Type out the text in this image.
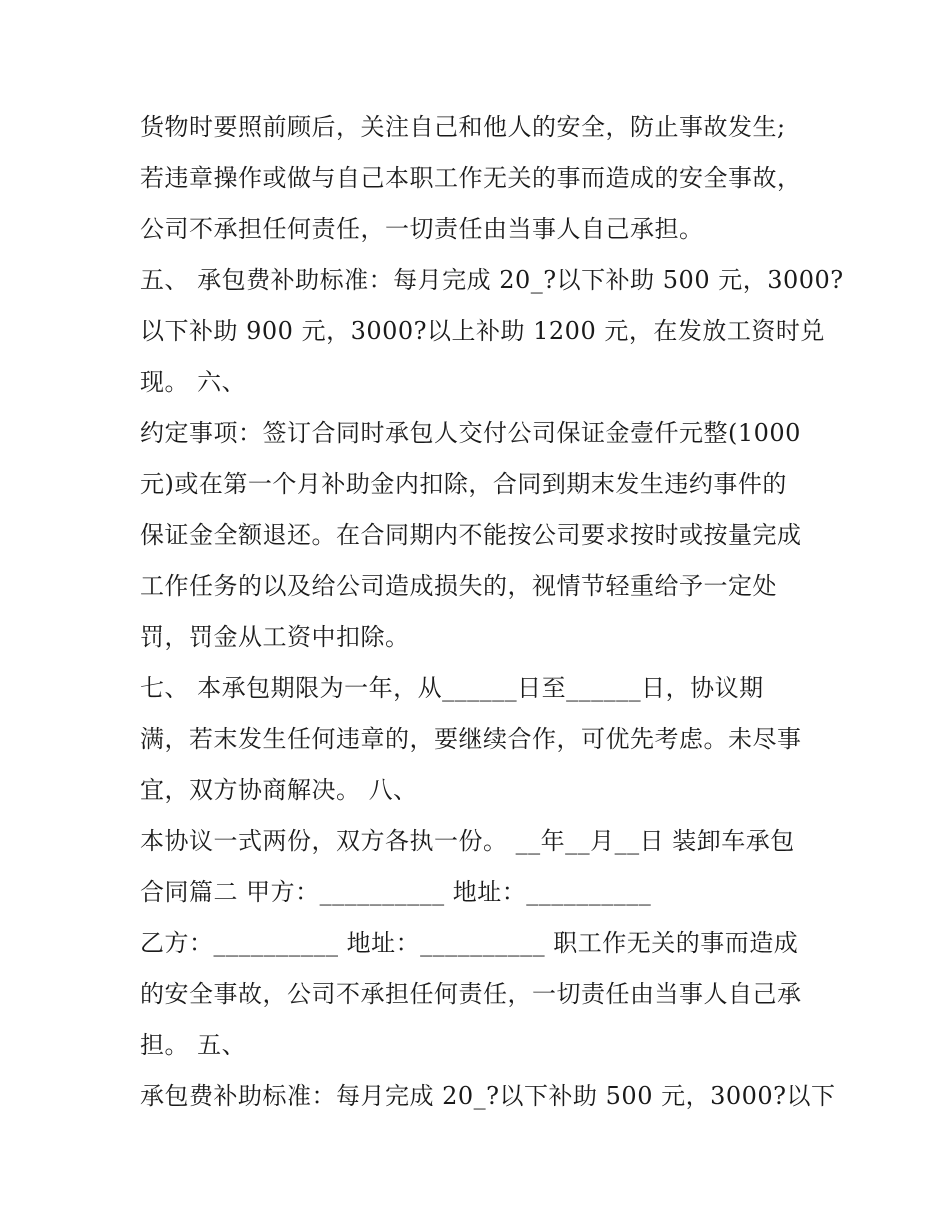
货物时要照前顾后，关注自己和他人的安全，防止事故发生;
若违章操作或做与自己本职工作无关的事而造成的安全事故，
公司不承担任何责任，一切责任由当事人自己承担。
五、 承包费补助标准：每月完成 20_?以下补助 500 元，3000?
以下补助 900 元，3000?以上补助 1200 元，在发放工资时兑
现。 六、
约定事项：签订合同时承包人交付公司保证金壹仟元整(1000
元)或在第一个月补助金内扣除，合同到期末发生违约事件的
保证金全额退还。在合同期内不能按公司要求按时或按量完成
工作任务的以及给公司造成损失的，视情节轻重给予一定处
罚，罚金从工资中扣除。
七、 本承包期限为一年，从______日至______日，协议期
满，若末发生任何违章的，要继续合作，可优先考虑。未尽事
宜，双方协商解决。 八、
本协议一式两份，双方各执一份。 __年__月__日 装卸车承包
合同篇二 甲方：__________ 地址：__________
乙方：__________ 地址：__________ 职工作无关的事而造成
的安全事故，公司不承担任何责任，一切责任由当事人自己承
担。 五、
承包费补助标准：每月完成 20_?以下补助 500 元，3000?以下
